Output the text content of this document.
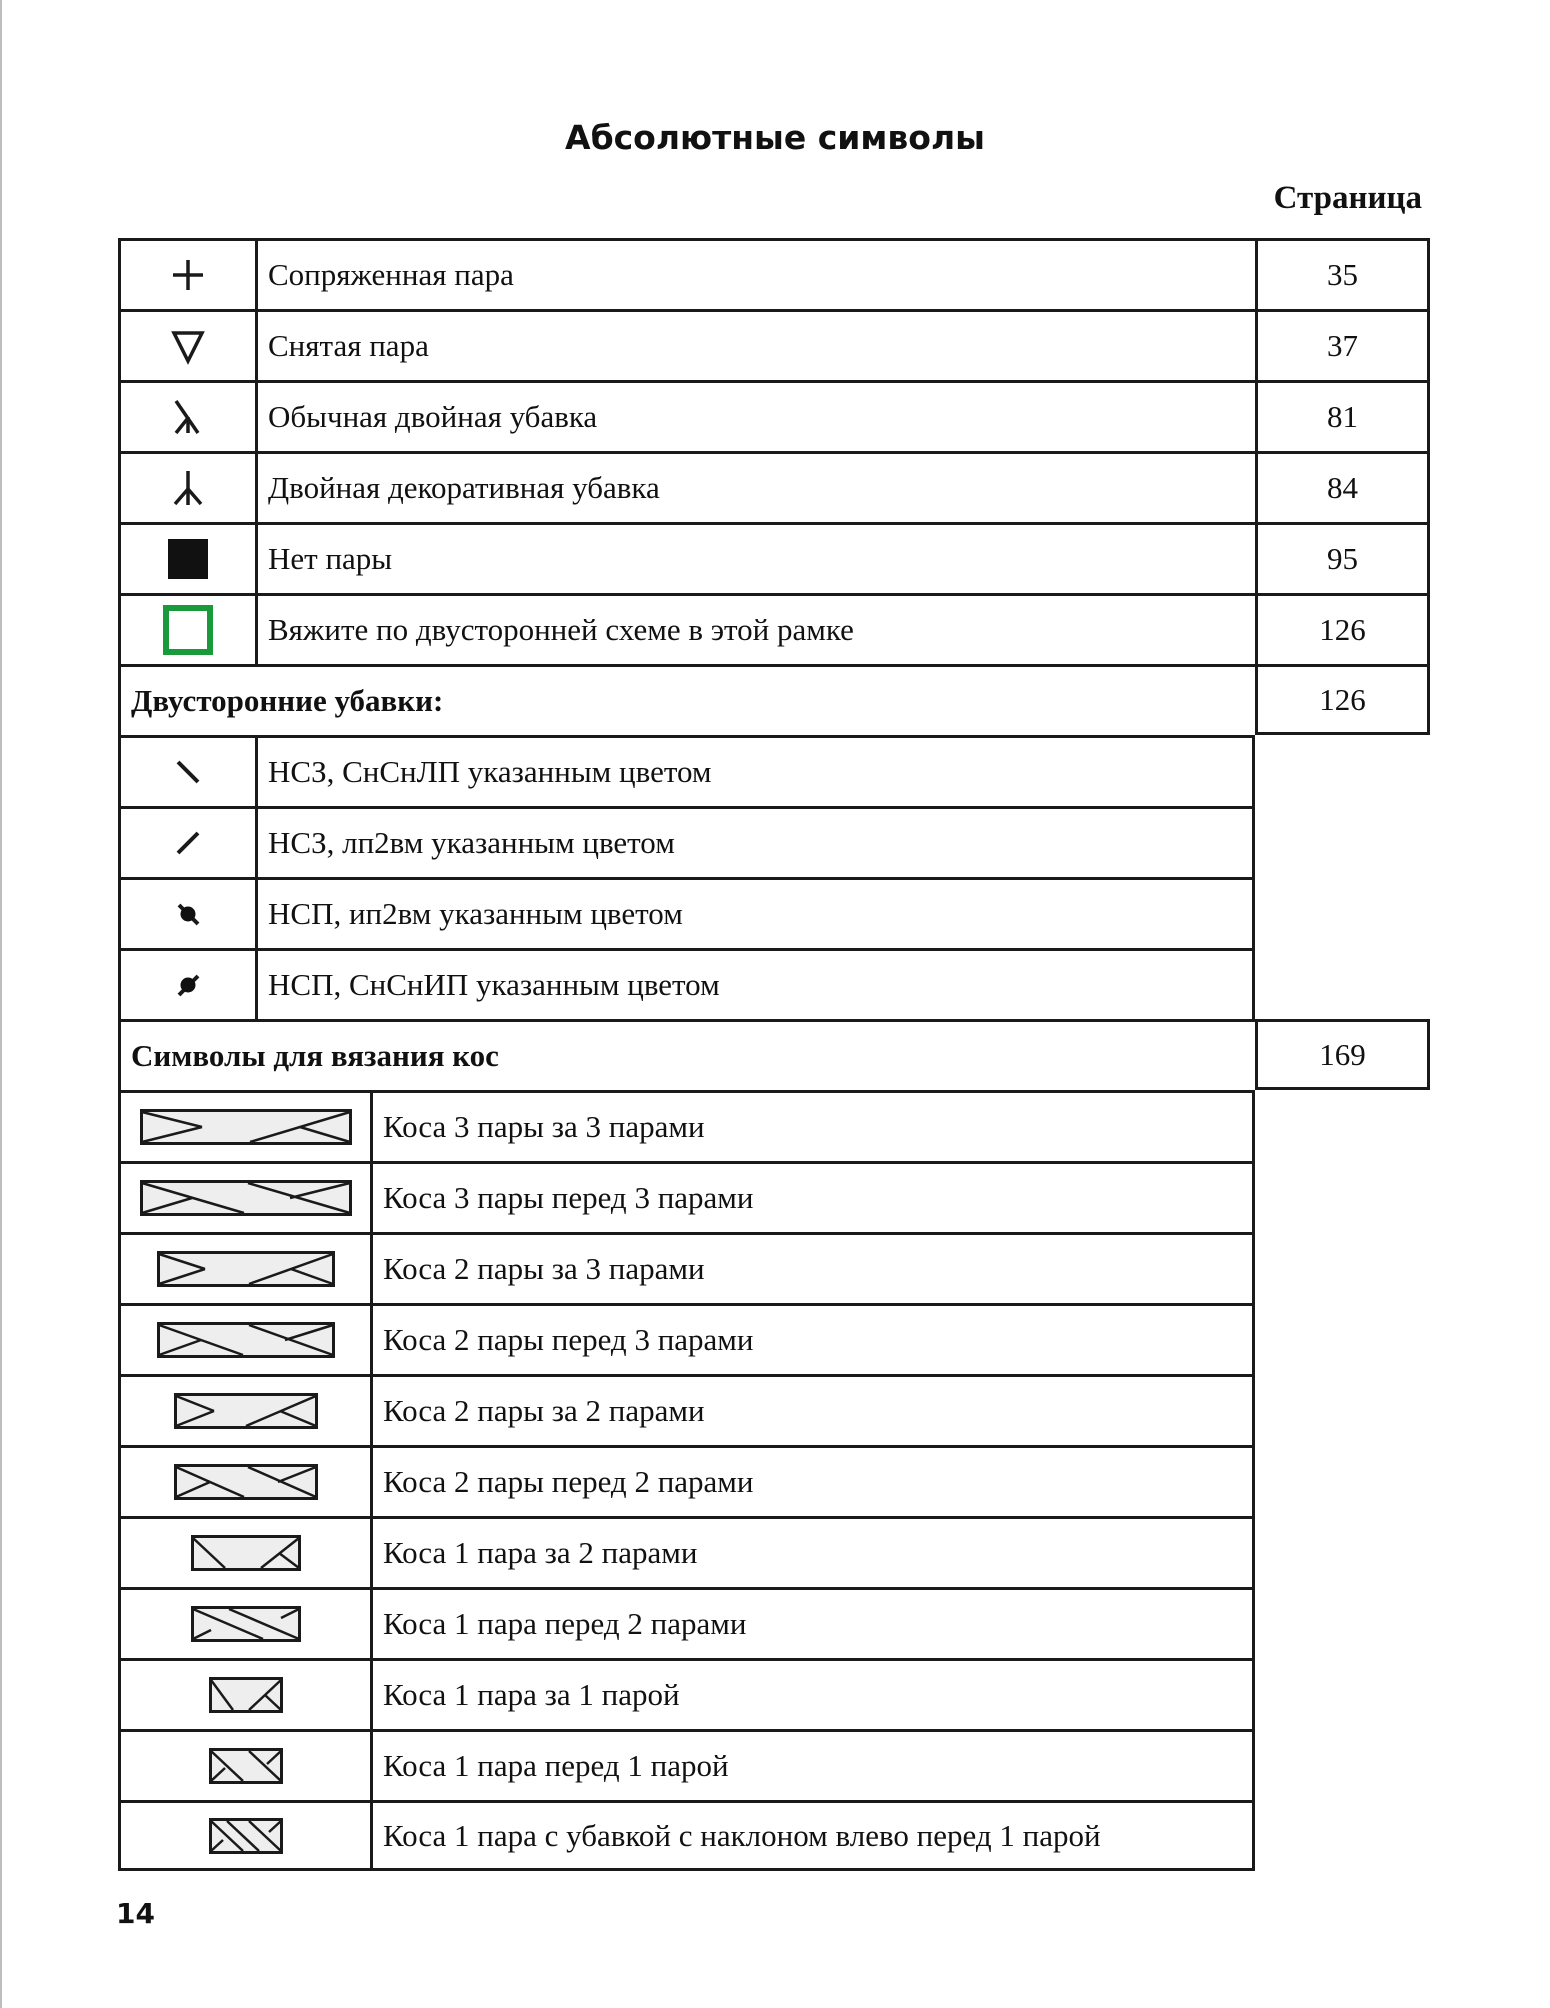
Абсолютные символы
Страница
Сопряженная пара	35
Снятая пара	37
Обычная двойная убавка	81
Двойная декоративная убавка	84
Нет пары	95
Вяжите по двусторонней схеме в этой рамке	126
Двусторонние убавки:	126
НСЗ, СнСнЛП указанным цветом
НСЗ, лп2вм указанным цветом
НСП, ип2вм указанным цветом
НСП, СнСнИП указанным цветом
Символы для вязания кос	169
Коса 3 пары за 3 парами
Коса 3 пары перед 3 парами
Коса 2 пары за 3 парами
Коса 2 пары перед 3 парами
Коса 2 пары за 2 парами
Коса 2 пары перед 2 парами
Коса 1 пара за 2 парами
Коса 1 пара перед 2 парами
Коса 1 пара за 1 парой
Коса 1 пара перед 1 парой
Коса 1 пара с убавкой с наклоном влево перед 1 парой
14
